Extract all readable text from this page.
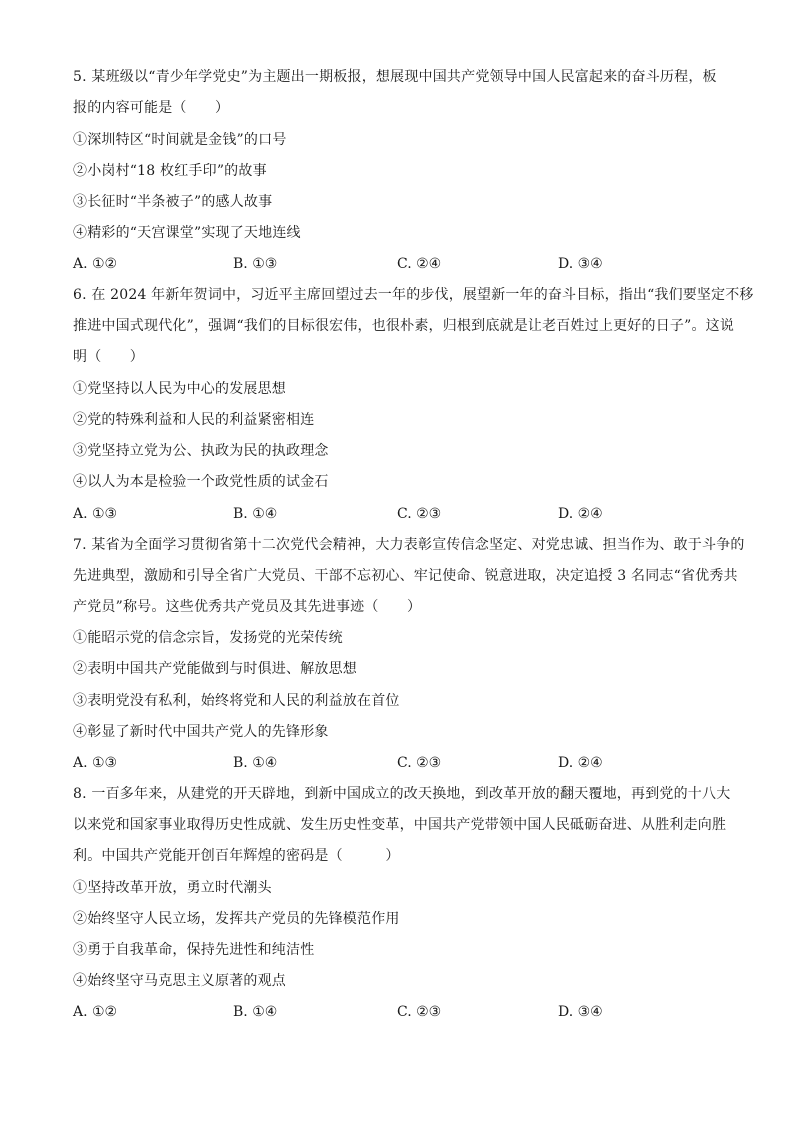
5. 某班级以“青少年学党史”为主题出一期板报，想展现中国共产党领导中国人民富起来的奋斗历程，板
报的内容可能是（　　）
①深圳特区“时间就是金钱”的口号
②小岗村“18 枚红手印”的故事
③长征时“半条被子”的感人故事
④精彩的“天宫课堂”实现了天地连线
A. ①②	B. ①③	C. ②④	D. ③④
6. 在 2024 年新年贺词中，习近平主席回望过去一年的步伐，展望新一年的奋斗目标，指出“我们要坚定不移
推进中国式现代化”，强调“我们的目标很宏伟，也很朴素，归根到底就是让老百姓过上更好的日子”。这说
明（　　）
①党坚持以人民为中心的发展思想
②党的特殊利益和人民的利益紧密相连
③党坚持立党为公、执政为民的执政理念
④以人为本是检验一个政党性质的试金石
A. ①③	B. ①④	C. ②③	D. ②④
7. 某省为全面学习贯彻省第十二次党代会精神，大力表彰宣传信念坚定、对党忠诚、担当作为、敢于斗争的
先进典型，激励和引导全省广大党员、干部不忘初心、牢记使命、锐意进取，决定追授 3 名同志“省优秀共
产党员”称号。这些优秀共产党员及其先进事迹（　　）
①能昭示党的信念宗旨，发扬党的光荣传统
②表明中国共产党能做到与时俱进、解放思想
③表明党没有私利，始终将党和人民的利益放在首位
④彰显了新时代中国共产党人的先锋形象
A. ①③	B. ①④	C. ②③	D. ②④
8. 一百多年来，从建党的开天辟地，到新中国成立的改天换地，到改革开放的翻天覆地，再到党的十八大
以来党和国家事业取得历史性成就、发生历史性变革，中国共产党带领中国人民砥砺奋进、从胜利走向胜
利。中国共产党能开创百年辉煌的密码是（　　　）
①坚持改革开放，勇立时代潮头
②始终坚守人民立场，发挥共产党员的先锋模范作用
③勇于自我革命，保持先进性和纯洁性
④始终坚守马克思主义原著的观点
A. ①②	B. ①④	C. ②③	D. ③④
